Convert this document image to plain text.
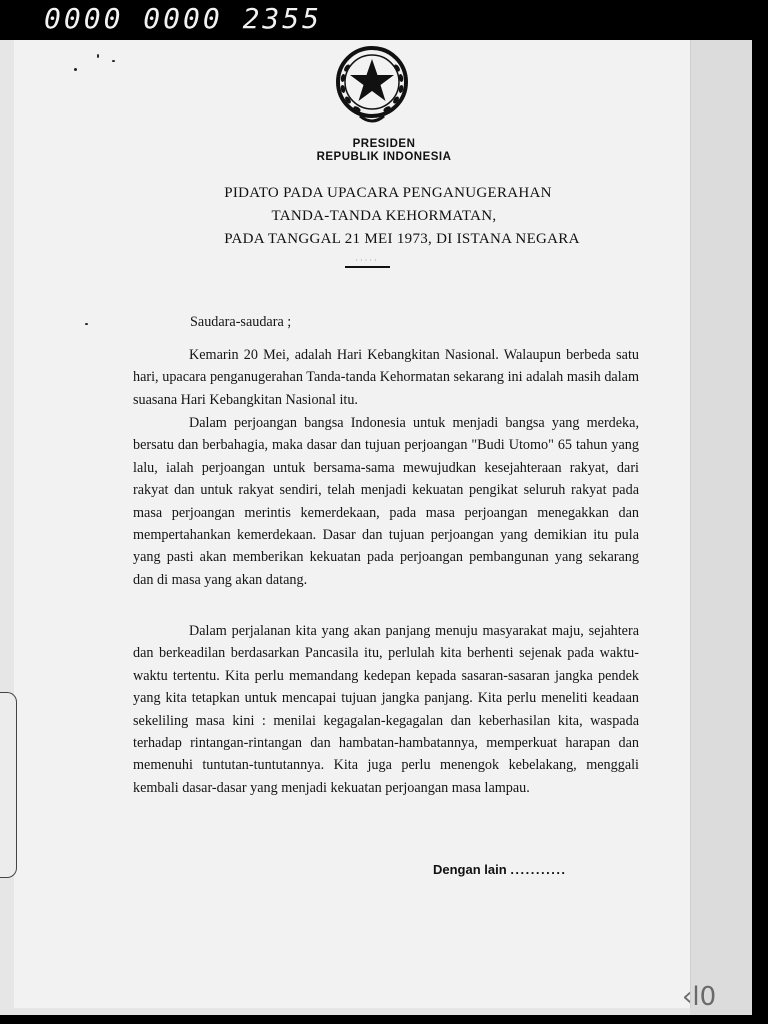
0000 0000 2355
PRESIDEN
REPUBLIK INDONESIA
PIDATO PADA UPACARA PENGANUGERAHAN
TANDA-TANDA KEHORMATAN,
PADA TANGGAL 21 MEI 1973, DI ISTANA NEGARA
·····
Saudara-saudara ;

Kemarin 20 Mei, adalah Hari Kebangkitan Nasional. Walaupun berbeda satu hari, upacara penganugerahan Tanda-tanda Kehormatan sekarang ini adalah masih dalam suasana Hari Kebangkitan Nasional itu.

Dalam perjoangan bangsa Indonesia untuk menjadi bangsa yang merdeka, bersatu dan berbahagia, maka dasar dan tujuan perjoangan "Budi Utomo" 65 tahun yang lalu, ialah perjoangan untuk bersama-sama mewujudkan kesejahteraan rakyat, dari rakyat dan untuk rakyat sendiri, telah menjadi kekuatan pengikat seluruh rakyat pada masa perjoangan merintis kemerdekaan, pada masa perjoangan menegakkan dan mempertahankan kemerdekaan. Dasar dan tujuan perjoangan yang demikian itu pula yang pasti akan memberikan kekuatan pada perjoangan pembangunan yang sekarang dan di masa yang akan datang.

Dalam perjalanan kita yang akan panjang menuju masyarakat maju, sejahtera dan berkeadilan berdasarkan Pancasila itu, perlulah kita berhenti sejenak pada waktu-waktu tertentu. Kita perlu memandang kedepan kepada sasaran-sasaran jangka pendek yang kita tetapkan untuk mencapai tujuan jangka panjang. Kita perlu meneliti keadaan sekeliling masa kini : menilai kegagalan-kegagalan dan keberhasilan kita, waspada terhadap rintangan-rintangan dan hambatan-hambatannya, memperkuat harapan dan memenuhi tuntutan-tuntutannya. Kita juga perlu menengok kebelakang, menggali kembali dasar-dasar yang menjadi kekuatan perjoangan masa lampau.

Dengan lain ...........
‹l0
